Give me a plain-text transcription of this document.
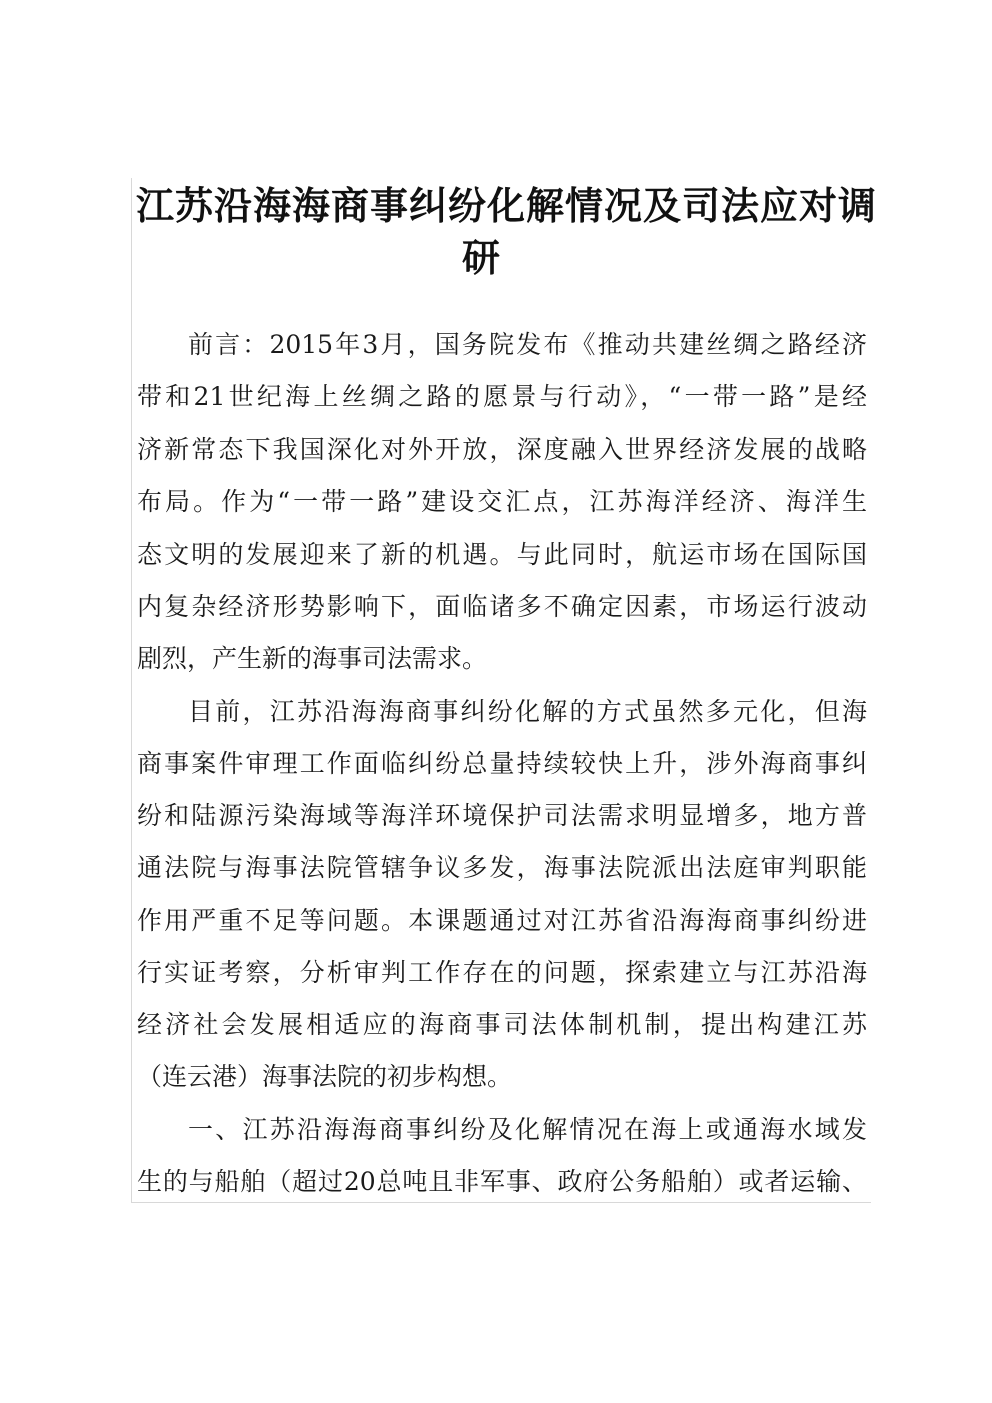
江苏沿海海商事纠纷化解情况及司法应对调
研
前言：2015年3月，国务院发布《推动共建丝绸之路经济
带和21世纪海上丝绸之路的愿景与行动》，“一带一路”是经
济新常态下我国深化对外开放，深度融入世界经济发展的战略
布局。作为“一带一路”建设交汇点，江苏海洋经济、海洋生
态文明的发展迎来了新的机遇。与此同时，航运市场在国际国
内复杂经济形势影响下，面临诸多不确定因素，市场运行波动
剧烈，产生新的海事司法需求。
目前，江苏沿海海商事纠纷化解的方式虽然多元化，但海
商事案件审理工作面临纠纷总量持续较快上升，涉外海商事纠
纷和陆源污染海域等海洋环境保护司法需求明显增多，地方普
通法院与海事法院管辖争议多发，海事法院派出法庭审判职能
作用严重不足等问题。本课题通过对江苏省沿海海商事纠纷进
行实证考察，分析审判工作存在的问题，探索建立与江苏沿海
经济社会发展相适应的海商事司法体制机制，提出构建江苏
（连云港）海事法院的初步构想。
一、江苏沿海海商事纠纷及化解情况在海上或通海水域发
生的与船舶（超过20总吨且非军事、政府公务船舶）或者运输、
